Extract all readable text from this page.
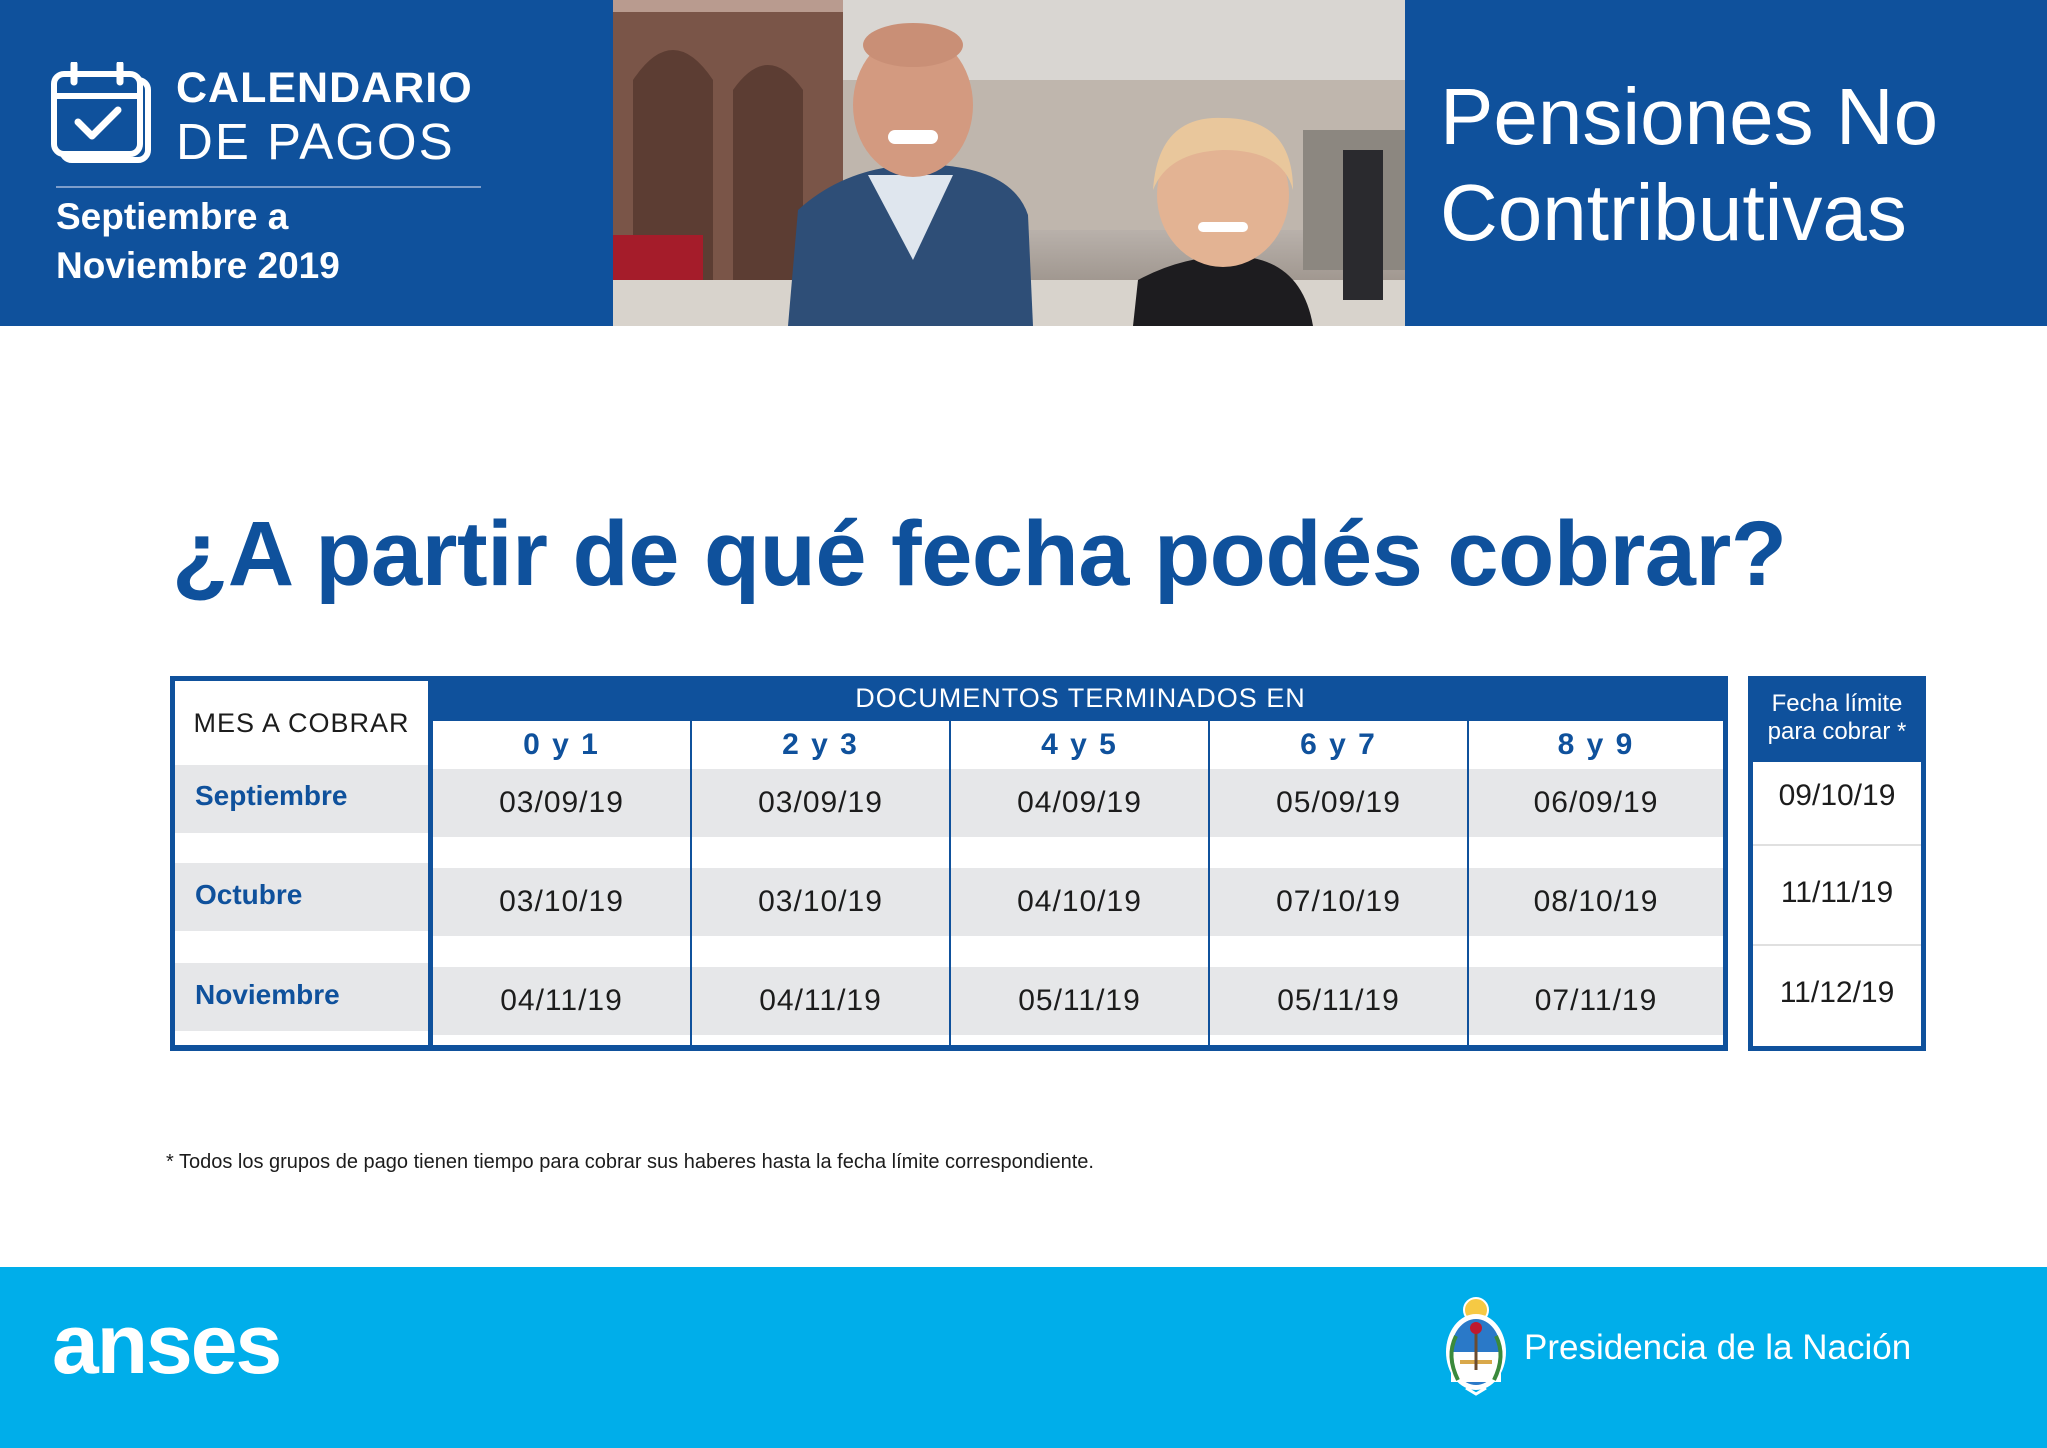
CALENDARIO
DE PAGOS
Septiembre a
Noviembre 2019
Pensiones No
Contributivas
¿A partir de qué fecha podés cobrar?
MES A COBRAR
DOCUMENTOS TERMINADOS EN
Septiembre
Octubre
Noviembre
0 y 1
03/09/19
03/10/19
04/11/19
2 y 3
03/09/19
03/10/19
04/11/19
4 y 5
04/09/19
04/10/19
05/11/19
6 y 7
05/09/19
07/10/19
05/11/19
8 y 9
06/09/19
08/10/19
07/11/19
Fecha límite
para cobrar *
09/10/19
11/11/19
11/12/19
* Todos los grupos de pago tienen tiempo para cobrar sus haberes hasta la fecha límite correspondiente.
anses	Presidencia de la Nación
